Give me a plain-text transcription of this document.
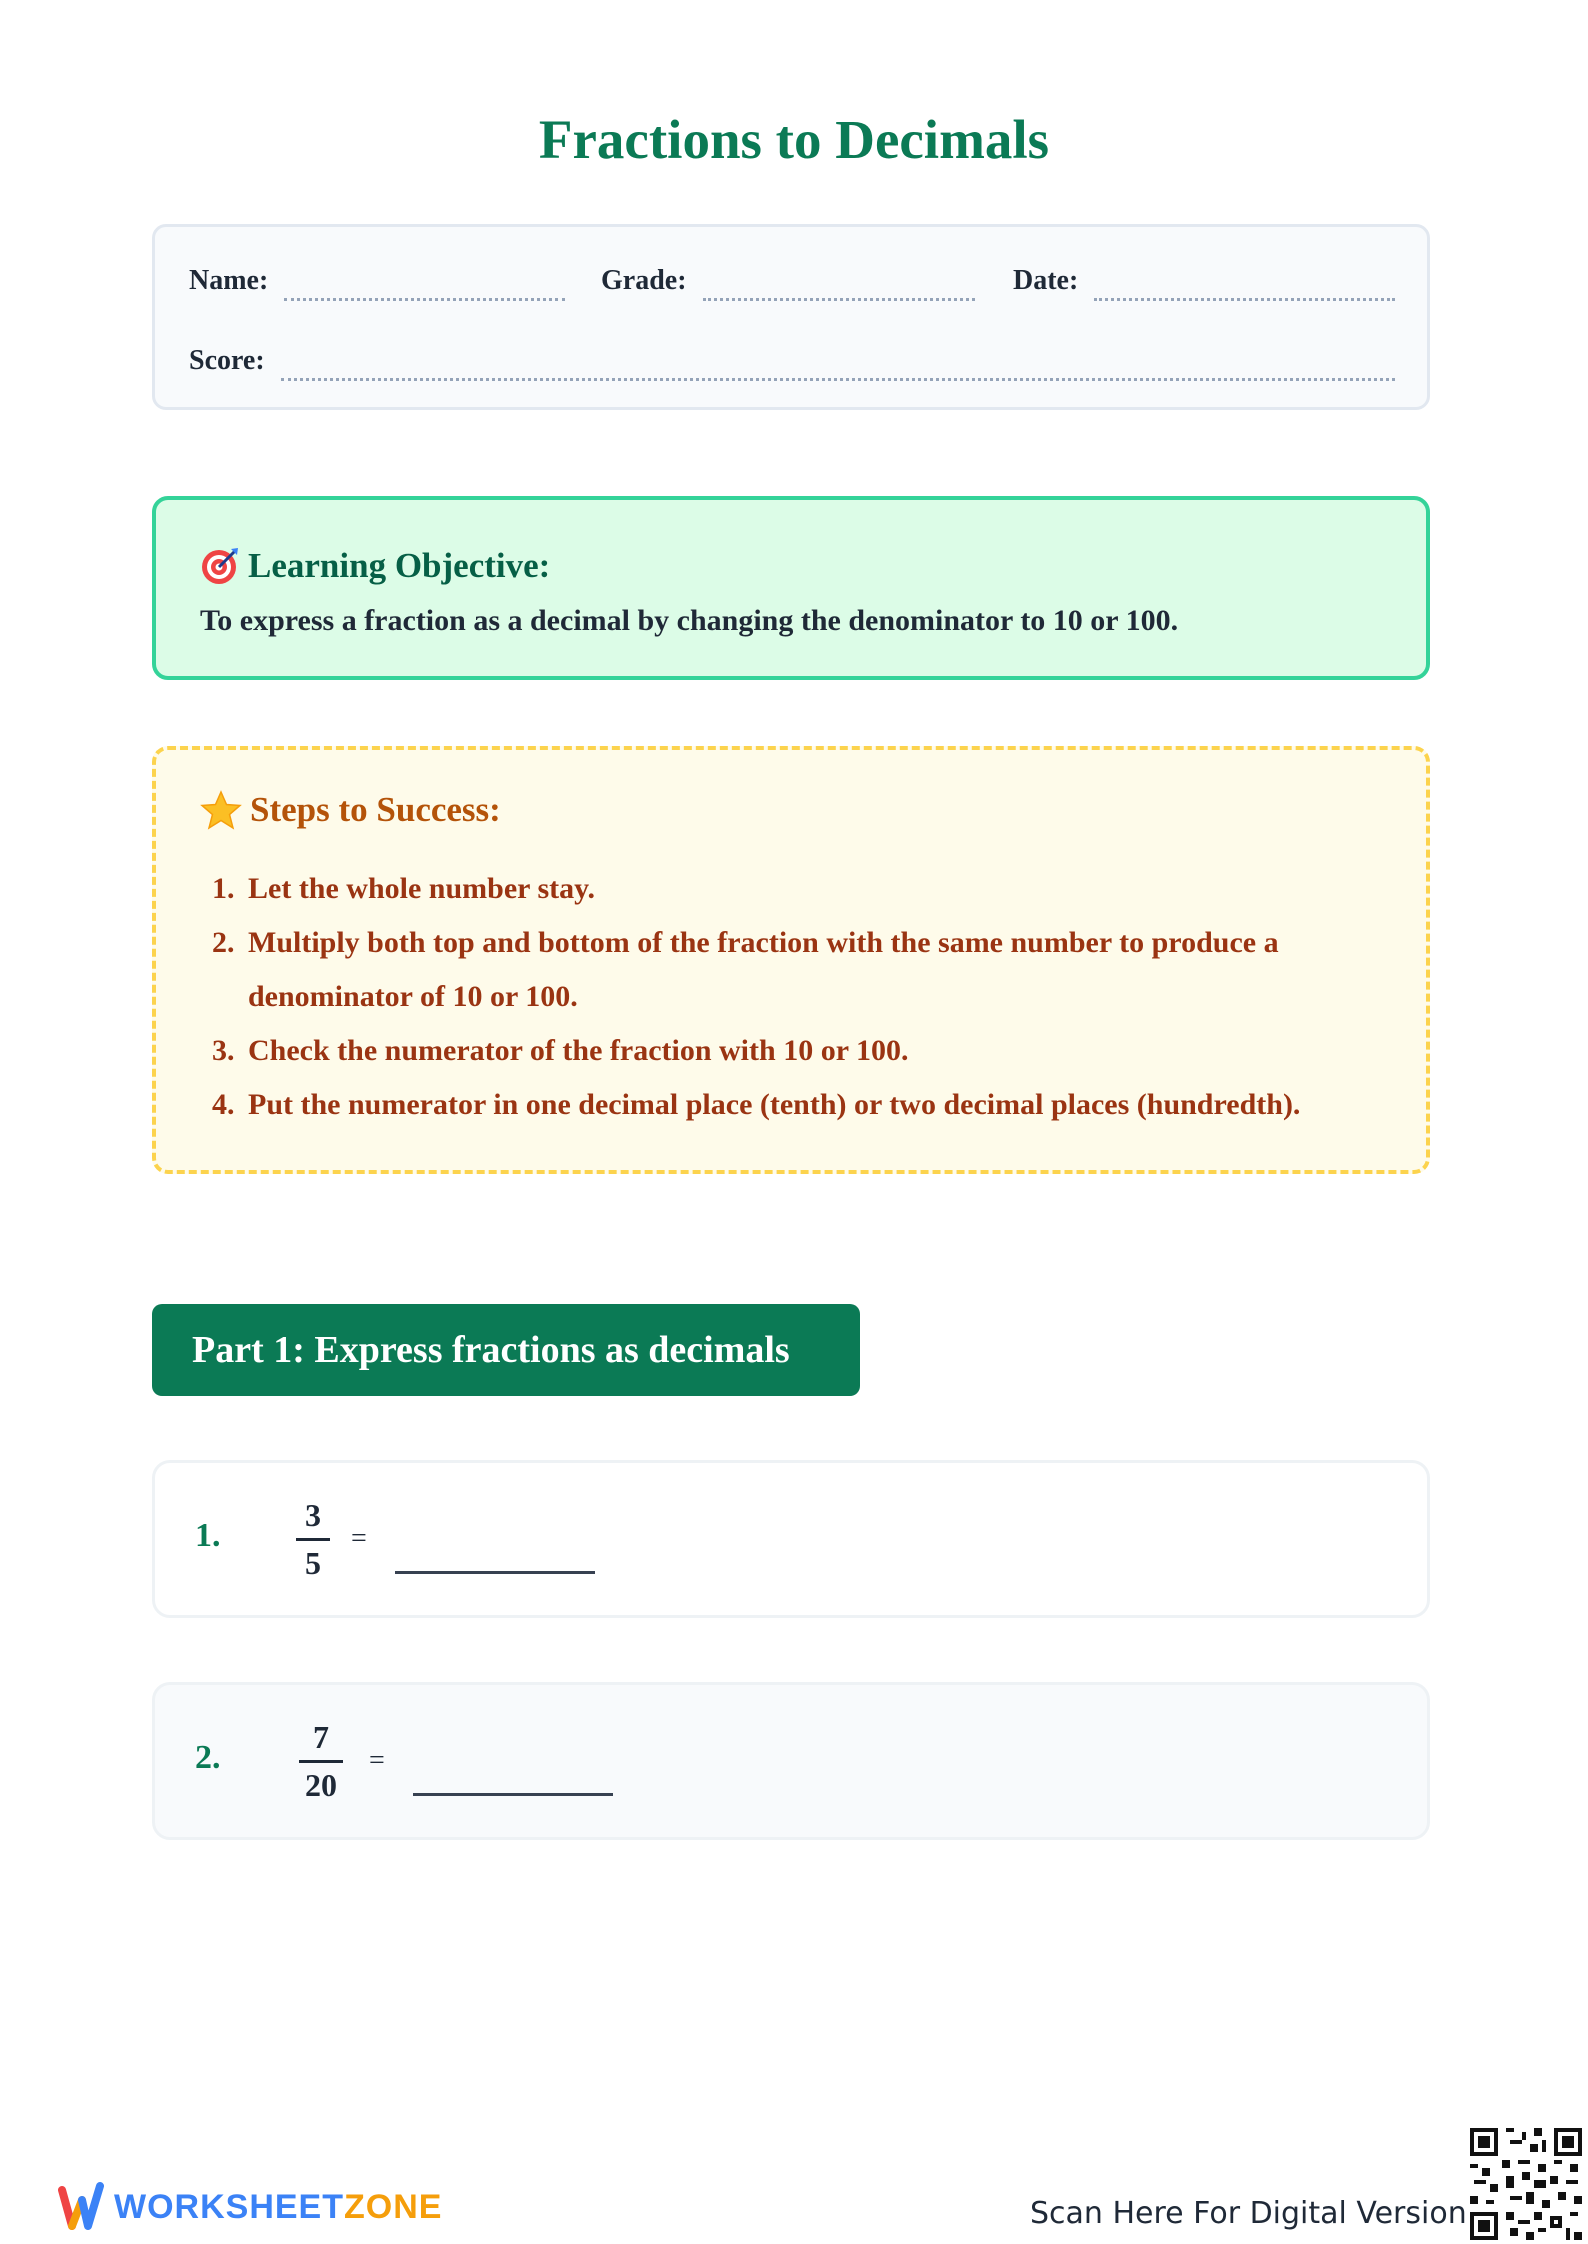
Fractions to Decimals
Name:	Grade:	Date:
Score:
Learning Objective:
To express a fraction as a decimal by changing the denominator to 10 or 100.
Steps to Success:
1. Let the whole number stay.
2. Multiply both top and bottom of the fraction with the same number to produce a denominator of 10 or 100.
3. Check the numerator of the fraction with 10 or 100.
4. Put the numerator in one decimal place (tenth) or two decimal places (hundredth).
Part 1: Express fractions as decimals
1.
3
5
=
2.
7
20
=
WORKSHEETZONE	Scan Here For Digital Version
